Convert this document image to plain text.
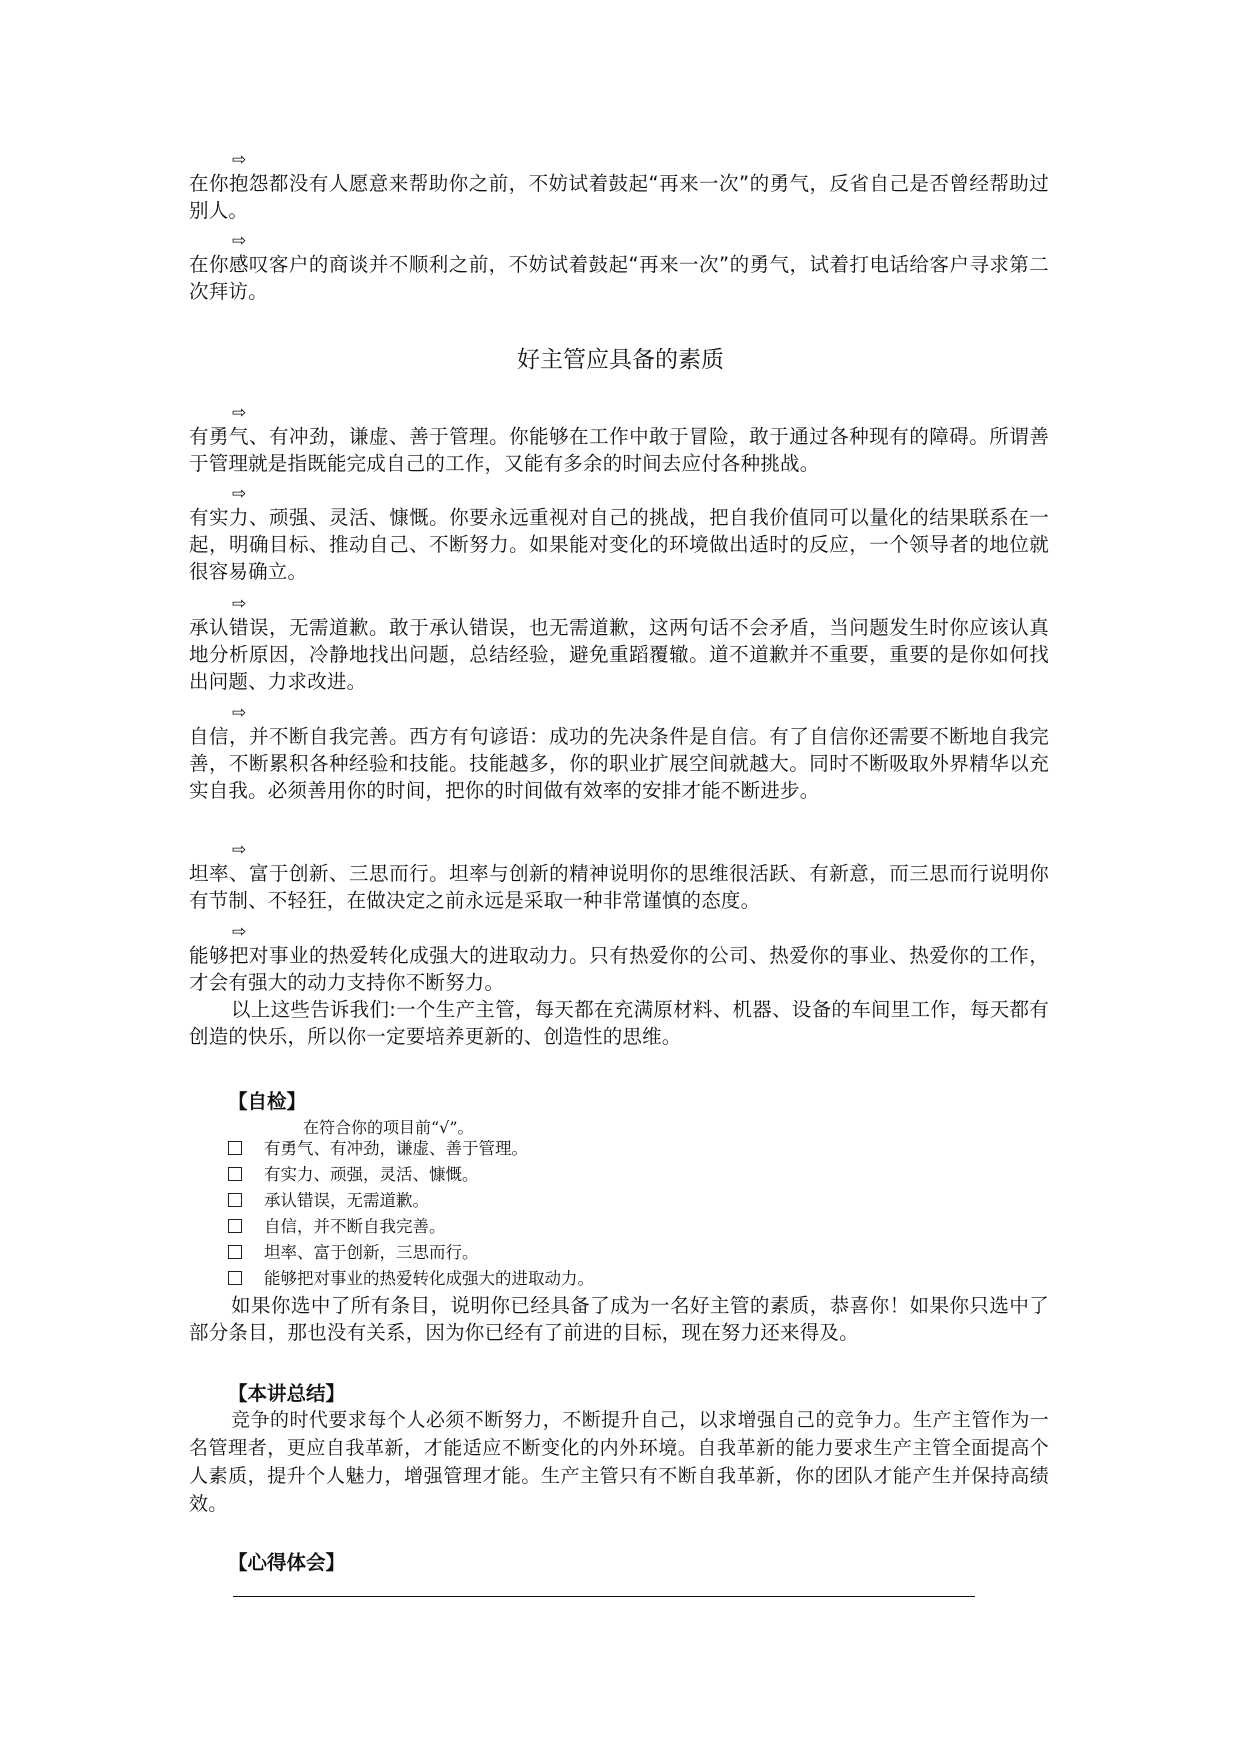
⇨
在你抱怨都没有人愿意来帮助你之前，不妨试着鼓起“再来一次”的勇气，反省自己是否曾经帮助过别人。
⇨
在你感叹客户的商谈并不顺利之前，不妨试着鼓起“再来一次”的勇气，试着打电话给客户寻求第二次拜访。
好主管应具备的素质
⇨
有勇气、有冲劲，谦虚、善于管理。你能够在工作中敢于冒险，敢于通过各种现有的障碍。所谓善于管理就是指既能完成自己的工作，又能有多余的时间去应付各种挑战。
⇨
有实力、顽强、灵活、慷慨。你要永远重视对自己的挑战，把自我价值同可以量化的结果联系在一起，明确目标、推动自己、不断努力。如果能对变化的环境做出适时的反应，一个领导者的地位就很容易确立。
⇨
承认错误，无需道歉。敢于承认错误，也无需道歉，这两句话不会矛盾，当问题发生时你应该认真地分析原因，冷静地找出问题，总结经验，避免重蹈覆辙。道不道歉并不重要，重要的是你如何找出问题、力求改进。
⇨
自信，并不断自我完善。西方有句谚语：成功的先决条件是自信。有了自信你还需要不断地自我完善，不断累积各种经验和技能。技能越多，你的职业扩展空间就越大。同时不断吸取外界精华以充实自我。必须善用你的时间，把你的时间做有效率的安排才能不断进步。
⇨
坦率、富于创新、三思而行。坦率与创新的精神说明你的思维很活跃、有新意，而三思而行说明你有节制、不轻狂，在做决定之前永远是采取一种非常谨慎的态度。
⇨
能够把对事业的热爱转化成强大的进取动力。只有热爱你的公司、热爱你的事业、热爱你的工作，才会有强大的动力支持你不断努力。
以上这些告诉我们:一个生产主管，每天都在充满原材料、机器、设备的车间里工作，每天都有创造的快乐，所以你一定要培养更新的、创造性的思维。
【自检】
在符合你的项目前“√”。
有勇气、有冲劲，谦虚、善于管理。
有实力、顽强，灵活、慷慨。
承认错误，无需道歉。
自信，并不断自我完善。
坦率、富于创新，三思而行。
能够把对事业的热爱转化成强大的进取动力。
如果你选中了所有条目，说明你已经具备了成为一名好主管的素质，恭喜你！如果你只选中了部分条目，那也没有关系，因为你已经有了前进的目标，现在努力还来得及。
【本讲总结】
竞争的时代要求每个人必须不断努力，不断提升自己，以求增强自己的竞争力。生产主管作为一名管理者，更应自我革新，才能适应不断变化的内外环境。自我革新的能力要求生产主管全面提高个人素质，提升个人魅力，增强管理才能。生产主管只有不断自我革新，你的团队才能产生并保持高绩效。
【心得体会】
